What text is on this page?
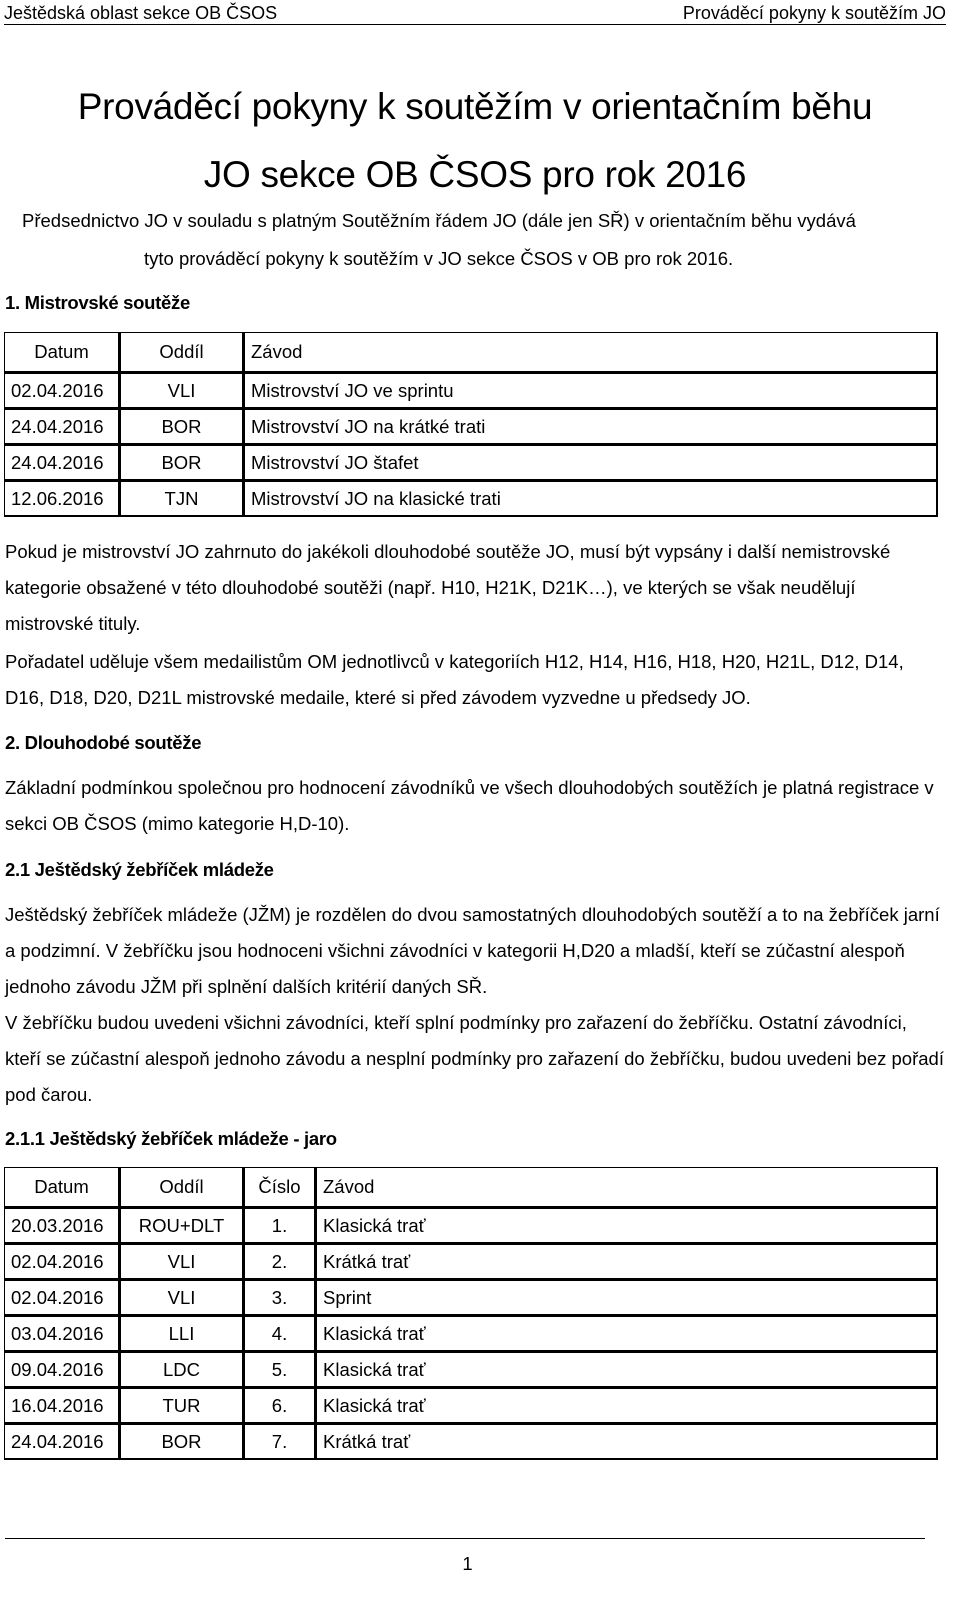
Ještědská oblast sekce OB ČSOS	Prováděcí pokyny k soutěžím JO
Prováděcí pokyny k soutěžím v orientačním běhu
JO sekce OB ČSOS pro rok 2016
Předsednictvo JO v souladu s platným Soutěžním řádem JO (dále jen SŘ) v orientačním běhu vydává
tyto prováděcí pokyny k soutěžím v JO sekce ČSOS v OB pro rok 2016.
1. Mistrovské soutěže
Datum	Oddíl	Závod
02.04.2016	VLI	Mistrovství JO ve sprintu
24.04.2016	BOR	Mistrovství JO na krátké trati
24.04.2016	BOR	Mistrovství JO štafet
12.06.2016	TJN	Mistrovství JO na klasické trati
Pokud je mistrovství JO zahrnuto do jakékoli dlouhodobé soutěže JO, musí být vypsány i další nemistrovské kategorie obsažené v této dlouhodobé soutěži (např. H10, H21K, D21K…), ve kterých se však neudělují mistrovské tituly.
Pořadatel uděluje všem medailistům OM jednotlivců v kategoriích H12, H14, H16, H18, H20, H21L, D12, D14, D16, D18, D20, D21L mistrovské medaile, které si před závodem vyzvedne u předsedy JO.
2. Dlouhodobé soutěže
Základní podmínkou společnou pro hodnocení závodníků ve všech dlouhodobých soutěžích je platná registrace v sekci OB ČSOS (mimo kategorie H,D-10).
2.1 Ještědský žebříček mládeže
Ještědský žebříček mládeže (JŽM) je rozdělen do dvou samostatných dlouhodobých soutěží a to na žebříček jarní a podzimní. V žebříčku jsou hodnoceni všichni závodníci v kategorii H,D20 a mladší, kteří se zúčastní alespoň jednoho závodu JŽM při splnění dalších kritérií daných SŘ.
V žebříčku budou uvedeni všichni závodníci, kteří splní podmínky pro zařazení do žebříčku. Ostatní závodníci, kteří se zúčastní alespoň jednoho závodu a nesplní podmínky pro zařazení do žebříčku, budou uvedeni bez pořadí pod čarou.
2.1.1 Ještědský žebříček mládeže - jaro
Datum	Oddíl	Číslo	Závod
20.03.2016	ROU+DLT	1.	Klasická trať
02.04.2016	VLI	2.	Krátká trať
02.04.2016	VLI	3.	Sprint
03.04.2016	LLI	4.	Klasická trať
09.04.2016	LDC	5.	Klasická trať
16.04.2016	TUR	6.	Klasická trať
24.04.2016	BOR	7.	Krátká trať
1
